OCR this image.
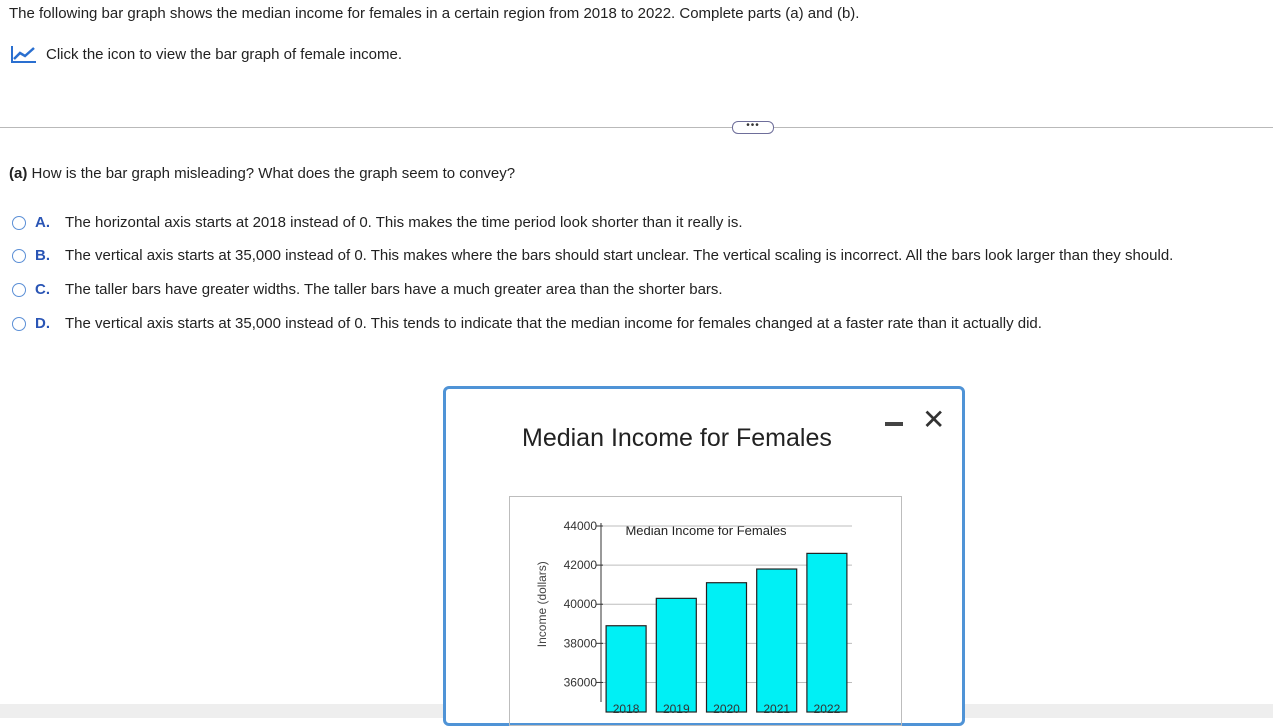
The following bar graph shows the median income for females in a certain region from 2018 to 2022. Complete parts (a) and (b).
Click the icon to view the bar graph of female income.
•••
(a) How is the bar graph misleading? What does the graph seem to convey?
A.	The horizontal axis starts at 2018 instead of 0. This makes the time period look shorter than it really is.
B.	The vertical axis starts at 35,000 instead of 0. This makes where the bars should start unclear. The vertical scaling is incorrect. All the bars look larger than they should.
C.	The taller bars have greater widths. The taller bars have a much greater area than the shorter bars.
D.	The vertical axis starts at 35,000 instead of 0. This tends to indicate that the median income for females changed at a faster rate than it actually did.
Median Income for Females
✕
Median Income for Females
Income (dollars)
36000
38000
40000
42000
44000
2018 2019 2020 2021 2022
